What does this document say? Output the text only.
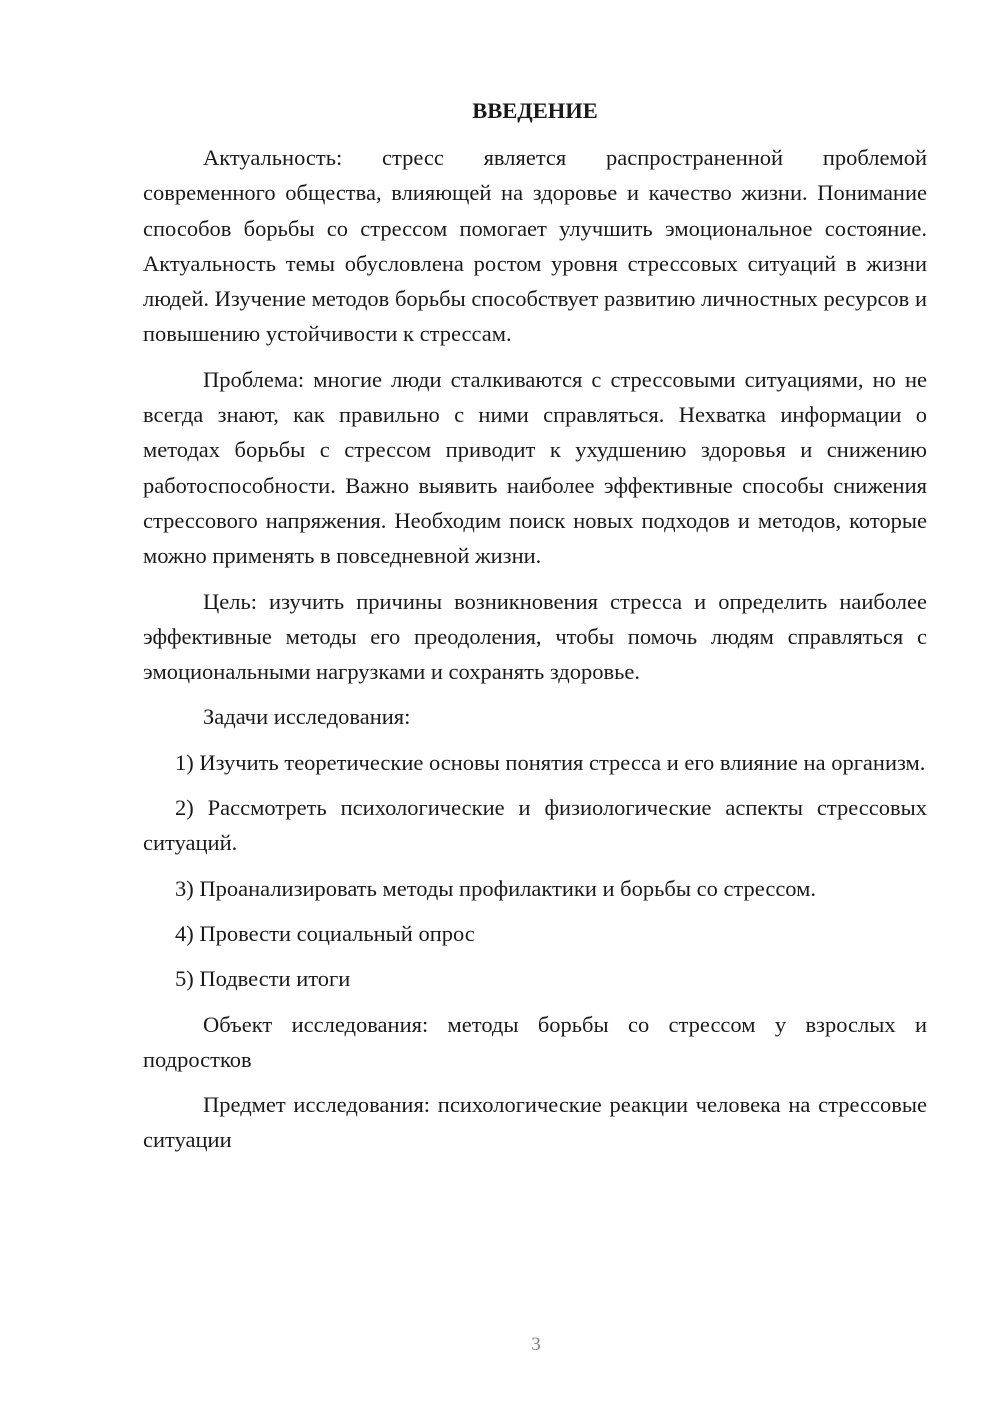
ВВЕДЕНИЕ

Актуальность: стресс является распространенной проблемой современного общества, влияющей на здоровье и качество жизни. Понимание способов борьбы со стрессом помогает улучшить эмоциональное состояние. Актуальность темы обусловлена ростом уровня стрессовых ситуаций в жизни людей. Изучение методов борьбы способствует развитию личностных ресурсов и повышению устойчивости к стрессам.

Проблема: многие люди сталкиваются с стрессовыми ситуациями, но не всегда знают, как правильно с ними справляться. Нехватка информации о методах борьбы с стрессом приводит к ухудшению здоровья и снижению работоспособности. Важно выявить наиболее эффективные способы снижения стрессового напряжения. Необходим поиск новых подходов и методов, которые можно применять в повседневной жизни.

Цель: изучить причины возникновения стресса и определить наиболее эффективные методы его преодоления, чтобы помочь людям справляться с эмоциональными нагрузками и сохранять здоровье.

Задачи исследования:

1) Изучить теоретические основы понятия стресса и его влияние на организм.

2) Рассмотреть психологические и физиологические аспекты стрессовых ситуаций.

3) Проанализировать методы профилактики и борьбы со стрессом.

4) Провести социальный опрос

5) Подвести итоги

Объект исследования: методы борьбы со стрессом у взрослых и подростков

Предмет исследования: психологические реакции человека на стрессовые ситуации

3
